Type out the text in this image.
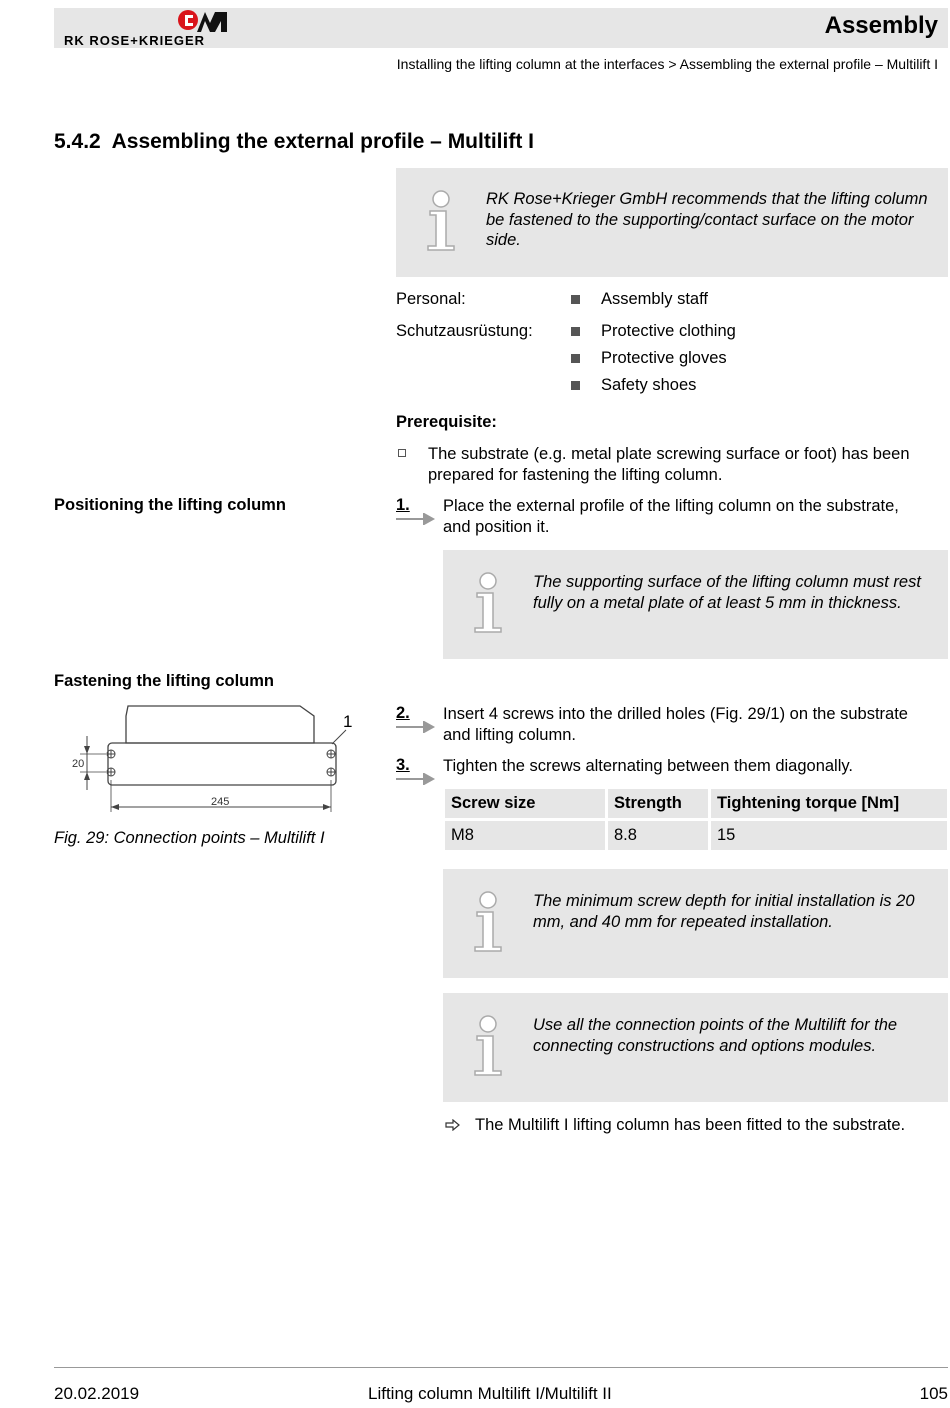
RK ROSE+KRIEGER
Assembly
Installing the lifting column at the interfaces > Assembling the external profile – Multilift I
5.4.2  Assembling the external profile – Multilift I
RK Rose+Krieger GmbH recommends that the lifting column be fastened to the supporting/contact surface on the motor side.
Personal:	Assembly staff
Schutzausrüstung:	Protective clothing
Protective gloves
Safety shoes
Prerequisite:
The substrate (e.g. metal plate screwing surface or foot) has been prepared for fastening the lifting column.
Positioning the lifting column	1. Place the external profile of the lifting column on the substrate, and position it.
The supporting surface of the lifting column must rest fully on a metal plate of at least 5 mm in thickness.
Fastening the lifting column
20
245
1
Fig. 29: Connection points – Multilift I
2. Insert 4 screws into the drilled holes (Fig. 29/1) on the substrate and lifting column.
3. Tighten the screws alternating between them diagonally.
Screw size	Strength	Tightening torque [Nm]
M8	8.8	15
The minimum screw depth for initial installation is 20 mm, and 40 mm for repeated installation.
Use all the connection points of the Multilift for the connecting constructions and options modules.
The Multilift I lifting column has been fitted to the substrate.
20.02.2019	Lifting column Multilift I/Multilift II	105
